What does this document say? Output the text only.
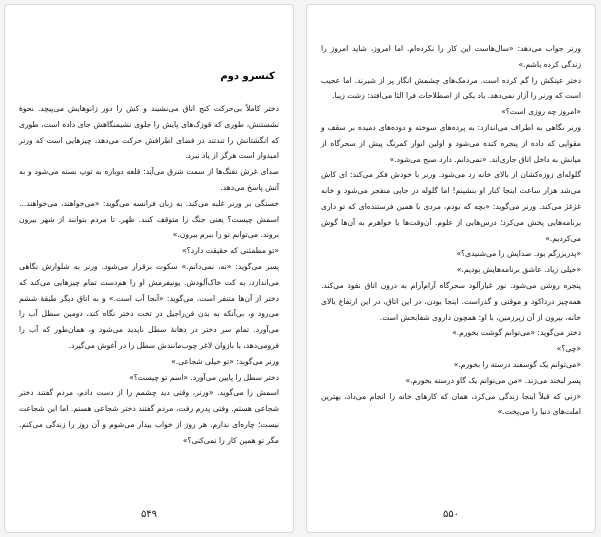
کنسرو دوم

دختر کاملاً بی‌حرکت کنج اتاق می‌نشیند و کش را دور زانوهایش می‌پیچد. نحوهٔ نشستنش، طوری که قوزک‌های پایش را جلوی نشیمنگاهش جای داده است، طوری که انگشتانش را تندتند در فضای اطرافش حرکت می‌دهد، چیزهایی است که ورنر امیدوار است هرگز از یاد نبرد.

صدای غرش تفنگ‌ها از سمت شرق می‌آید: قلعه دوباره به توپ بسته می‌شود و به آتش پاسخ می‌دهد.

خستگی بر ورنر غلبه می‌کند. به زبان فرانسه می‌گوید: «می‌خواهند، می‌خواهند... اسمش چیست؟ یعنی جنگ را متوقف کنند. ظهر. تا مردم بتوانند از شهر بیرون بروند. می‌توانم تو را ببرم بیرون.»

«تو مطمئنی که حقیقت دارد؟»

پسر می‌گوید: «نه، نمی‌دانم.» سکوت برقرار می‌شود. ورنر به شلوارش نگاهی می‌اندازد، به کت خاک‌آلودش. یونیفرمش او را هم‌دست تمام چیزهایی می‌کند که دختر از آن‌ها متنفر است. می‌گوید: «آنجا آب است.» و به اتاق دیگر طبقهٔ ششم می‌رود و، بی‌آنکه به بدن فن‌راجیل در تخت دختر نگاه کند، دومین سطل آب را می‌آورد. تمام سر دختر در دهانهٔ سطل ناپدید می‌شود و، همان‌طور که آب را فرومی‌دهد، با بازوان لاغر چوب‌مانندش سطل را در آغوش می‌گیرد.

ورنر می‌گوید: «تو خیلی شجاعی.»

دختر سطل را پایین می‌آورد. «اسم تو چیست؟»

اسمش را می‌گوید. «ورنر، وقتی دید چشمم را از دست دادم، مردم گفتند دختر شجاعی هستم. وقتی پدرم رفت، مردم گفتند دختر شجاعی هستم. اما این شجاعت نیست؛ چاره‌ای ندارم. هر روز از خواب بیدار می‌شوم و آن روز را زندگی می‌کنم. مگر تو همین کار را نمی‌کنی؟»

۵۴۹

ورنر جواب می‌دهد: «سال‌هاست این کار را نکرده‌ام. اما امروز، شاید امروز را زندگی کرده باشم.»

دختر عینکش را گم کرده است. مردمک‌های چشمش انگار پر از شیرند. اما عجیب است که ورنر را آزار نمی‌دهد. یاد یکی از اصطلاحات فرا الئا می‌افتد: زشت زیبا.

«امروز چه روزی است؟»

ورنر نگاهی به اطراف می‌اندازد: به پرده‌های سوخته و دوده‌های دمیده بر سقف و مقوایی که داده از پنجره کنده می‌شود و اولین انوار کمرنگ پیش از سحرگاه از میانش به داخل اتاق جاری‌اند. «نمی‌دانم. دارد صبح می‌شود.»

گلوله‌ای زوزه‌کشان از بالای خانه رد می‌شود. ورنر با خودش فکر می‌کند: ای کاش می‌شد هزار ساعت اینجا کنار او بنشینم! اما گلوله در جایی منفجر می‌شود و خانه غژغژ می‌کند. ورنر می‌گوید: «بچه که بودم، مردی با همین فرستنده‌ای که تو داری برنامه‌هایی پخش می‌کرد؛ درس‌هایی از علوم. آن‌وقت‌ها با خواهرم به آن‌ها گوش می‌کردیم.»

«پدربزرگم بود. صدایش را می‌شنیدی؟»

«خیلی زیاد. عاشق برنامه‌هایش بودیم.»

پنجره روشن می‌شود. نور غبارآلود سحرگاه آرام‌آرام به درون اتاق نفوذ می‌کند. همه‌چیز درداکود و موقتی و گذراست. اینجا بودن، در این اتاق، در این ارتفاع بالای خانه، بیرون از آن زیرزمین، با او: همچون داروی شفابخش است.

دختر می‌گوید: «می‌توانم گوشت بخورم.»

«چی؟»

«می‌توانم یک گوسفند درسته را بخورم.»

پسر لبخند می‌زند. «من می‌توانم یک گاو درسته بخورم.»

«زنی که قبلاً اینجا زندگی می‌کرد، همان که کارهای خانه را انجام می‌داد، بهترین املت‌های دنیا را می‌پخت.»

۵۵۰
